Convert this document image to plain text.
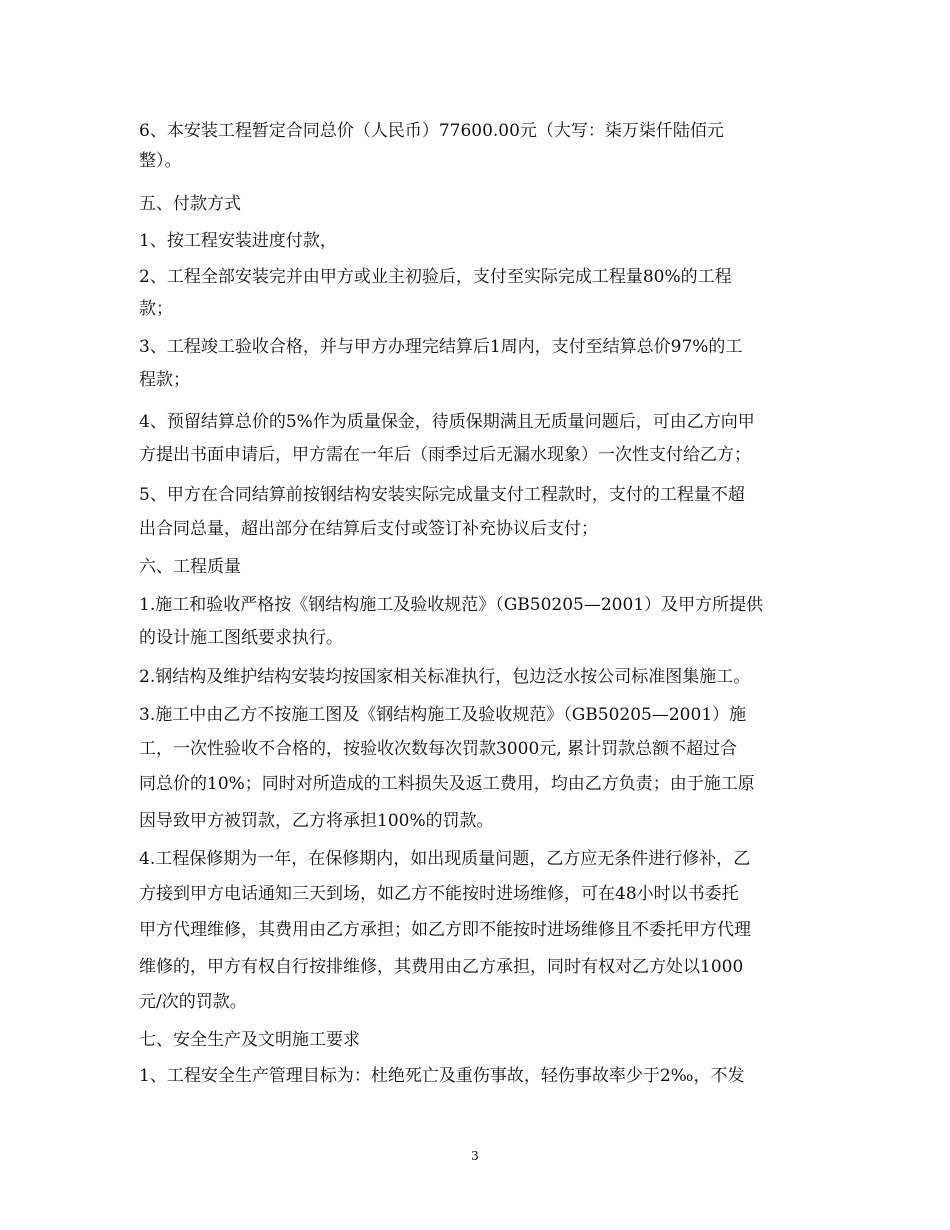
6、本安装工程暂定合同总价（人民币）77600.00元（大写：柒万柒仟陆佰元
整）。
五、付款方式
1、按工程安装进度付款，
2、工程全部安装完并由甲方或业主初验后，支付至实际完成工程量80%的工程
款；
3、工程竣工验收合格，并与甲方办理完结算后1周内，支付至结算总价97%的工
程款；
4、预留结算总价的5%作为质量保金，待质保期满且无质量问题后，可由乙方向甲
方提出书面申请后，甲方需在一年后（雨季过后无漏水现象）一次性支付给乙方；
5、甲方在合同结算前按钢结构安装实际完成量支付工程款时，支付的工程量不超
出合同总量，超出部分在结算后支付或签订补充协议后支付；
六、工程质量
1.施工和验收严格按《钢结构施工及验收规范》（GB50205—2001）及甲方所提供
的设计施工图纸要求执行。
2.钢结构及维护结构安装均按国家相关标准执行，包边泛水按公司标准图集施工。
3.施工中由乙方不按施工图及《钢结构施工及验收规范》（GB50205—2001）施
工，一次性验收不合格的，按验收次数每次罚款3000元, 累计罚款总额不超过合
同总价的10%；同时对所造成的工料损失及返工费用，均由乙方负责；由于施工原
因导致甲方被罚款，乙方将承担100%的罚款。
4.工程保修期为一年，在保修期内，如出现质量问题，乙方应无条件进行修补，乙
方接到甲方电话通知三天到场，如乙方不能按时进场维修，可在48小时以书委托
甲方代理维修，其费用由乙方承担；如乙方即不能按时进场维修且不委托甲方代理
维修的，甲方有权自行按排维修，其费用由乙方承担，同时有权对乙方处以1000
元/次的罚款。
七、安全生产及文明施工要求
1、工程安全生产管理目标为：杜绝死亡及重伤事故，轻伤事故率少于2‰，不发
3
